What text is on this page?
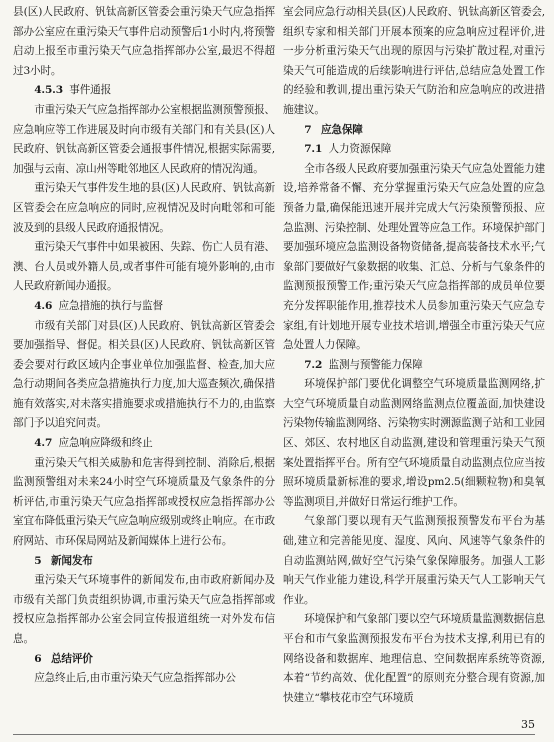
县(区)人民政府、钒钛高新区管委会重污染天气应急指挥部办公室应在重污染天气事件启动预警后1小时内,将预警启动上报至市重污染天气应急指挥部办公室,最迟不得超过3小时。

4.5.3 事件通报

市重污染天气应急指挥部办公室根据监测预警预报、应急响应等工作进展及时向市级有关部门和有关县(区)人民政府、钒钛高新区管委会通报事件情况,根据实际需要,加强与云南、凉山州等毗邻地区人民政府的情况沟通。

重污染天气事件发生地的县(区)人民政府、钒钛高新区管委会在应急响应的同时,应视情况及时向毗邻和可能波及到的县级人民政府通报情况。

重污染天气事件中如果被困、失踪、伤亡人员有港、澳、台人员或外籍人员,或者事件可能有境外影响的,由市人民政府新闻办通报。

4.6 应急措施的执行与监督

市级有关部门对县(区)人民政府、钒钛高新区管委会要加强指导、督促。相关县(区)人民政府、钒钛高新区管委会要对行政区域内企事业单位加强监督、检查,加大应急行动期间各类应急措施执行力度,加大巡查频次,确保措施有效落实,对未落实措施要求或措施执行不力的,由监察部门予以追究问责。

4.7 应急响应降级和终止

重污染天气相关威胁和危害得到控制、消除后,根据监测预警组对未来24小时空气环境质量及气象条件的分析评估,市重污染天气应急指挥部或授权应急指挥部办公室宜布降低重污染天气应急响应级别或终止响应。在市政府网站、市环保局网站及新闻媒体上进行公布。

5 新闻发布

重污染天气环境事件的新闻发布,由市政府新闻办及市级有关部门负责组织协调,市重污染天气应急指挥部或授权应急指挥部办公室会同宣传报道组统一对外发布信息。

6 总结评价

应急终止后,由市重污染天气应急指挥部办公

室会同应急行动相关县(区)人民政府、钒钛高新区管委会,组织专家和相关部门开展本预案的应急响应过程评价,进一步分析重污染天气出现的原因与污染扩散过程,对重污染天气可能造成的后续影响进行评估,总结应急处置工作的经验和教训,提出重污染天气防治和应急响应的改进措施建议。

7 应急保障
7.1 人力资源保障

全市各级人民政府要加强重污染天气应急处置能力建设,培养常备不懈、充分掌握重污染天气应急处置的应急预备力量,确保能迅速开展并完成大气污染预警预报、应急监测、污染控制、处理处置等应急工作。环境保护部门要加强环境应急监测设备物资储备,提高装备技术水平;气象部门要做好气象数据的收集、汇总、分析与气象条件的监测预报预警工作;重污染天气应急指挥部的成员单位要充分发挥职能作用,推荐技术人员参加重污染天气应急专家组,有计划地开展专业技术培训,增强全市重污染天气应急处置人力保障。

7.2 监测与预警能力保障

环境保护部门要优化调整空气环境质量监测网络,扩大空气环境质量自动监测网络监测点位覆盖面,加快建设污染物传输监测网络、污染物实时溯源监测子站和工业园区、郊区、农村地区自动监测,建设和管理重污染天气预案处置指挥平台。所有空气环境质量自动监测点位应当按照环境质量新标准的要求,增设pm2.5(细颗粒物)和臭氧等监测项目,并做好日常运行维护工作。

气象部门要以现有天气监测预报预警发布平台为基础,建立和完善能见度、湿度、风向、风速等气象条件的自动监测站网,做好空气污染气象保障服务。加强人工影响天气作业能力建设,科学开展重污染天气人工影响天气作业。

环境保护和气象部门要以空气环境质量监测数据信息平台和市气象监测预报发布平台为技术支撑,利用已有的网络设备和数据库、地理信息、空间数据库系统等资源,本着“节约高效、优化配置”的原则充分整合现有资源,加快建立“攀枝花市空气环境质

35
